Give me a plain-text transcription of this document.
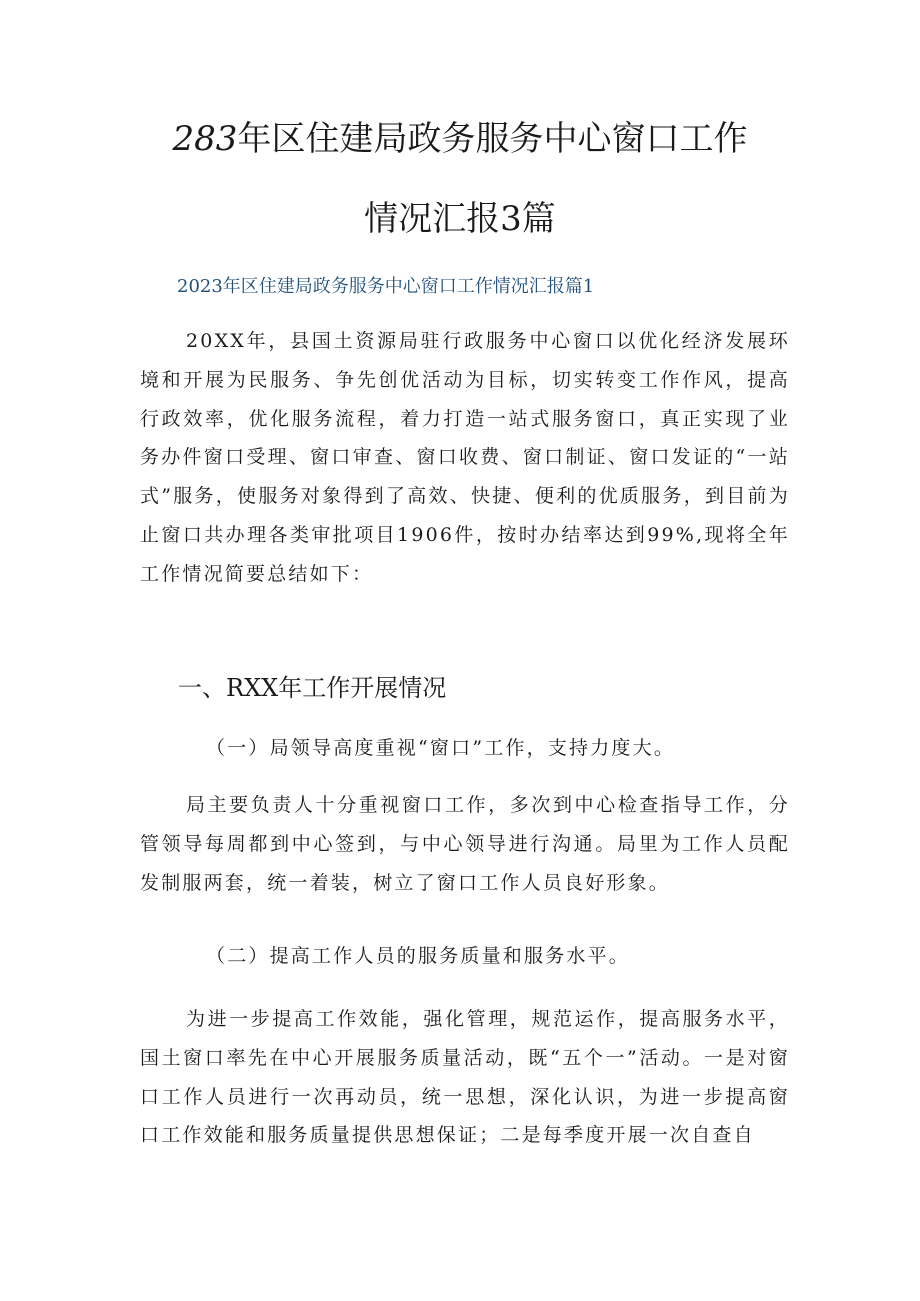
283年区住建局政务服务中心窗口工作
情况汇报3篇
2023年区住建局政务服务中心窗口工作情况汇报篇1
20XX年，县国土资源局驻行政服务中心窗口以优化经济发展环境和开展为民服务、争先创优活动为目标，切实转变工作作风，提高行政效率，优化服务流程，着力打造一站式服务窗口，真正实现了业务办件窗口受理、窗口审查、窗口收费、窗口制证、窗口发证的“一站式”服务，使服务对象得到了高效、快捷、便利的优质服务，到目前为止窗口共办理各类审批项目1906件，按时办结率达到99%,现将全年工作情况简要总结如下：
一、RXX年工作开展情况
（一）局领导高度重视“窗口”工作，支持力度大。
局主要负责人十分重视窗口工作，多次到中心检查指导工作，分管领导每周都到中心签到，与中心领导进行沟通。局里为工作人员配发制服两套，统一着装，树立了窗口工作人员良好形象。
（二）提高工作人员的服务质量和服务水平。
为进一步提高工作效能，强化管理，规范运作，提高服务水平，国土窗口率先在中心开展服务质量活动，既“五个一”活动。一是对窗口工作人员进行一次再动员，统一思想，深化认识，为进一步提高窗口工作效能和服务质量提供思想保证；二是每季度开展一次自查自
